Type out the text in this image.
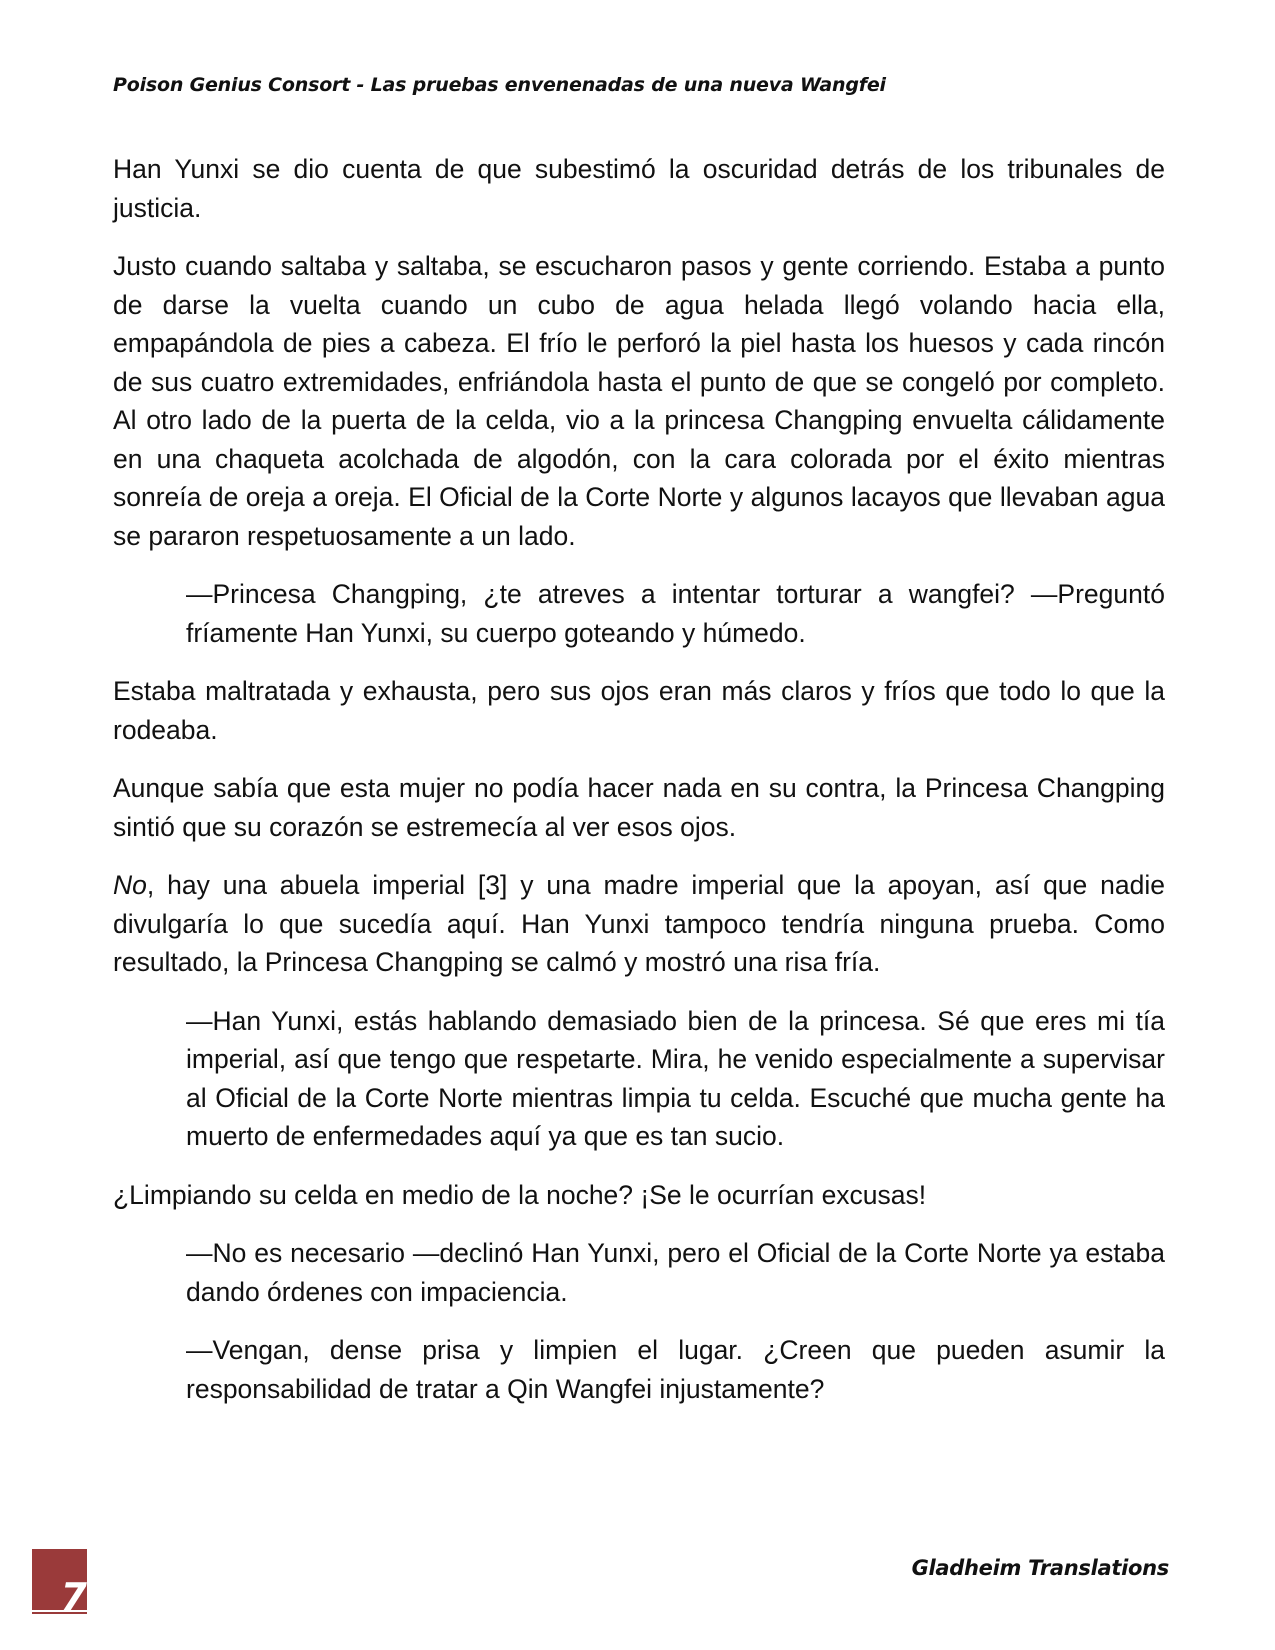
Poison Genius Consort - Las pruebas envenenadas de una nueva Wangfei

Han Yunxi se dio cuenta de que subestimó la oscuridad detrás de los tribunales de justicia.

Justo cuando saltaba y saltaba, se escucharon pasos y gente corriendo. Estaba a punto de darse la vuelta cuando un cubo de agua helada llegó volando hacia ella, empapándola de pies a cabeza. El frío le perforó la piel hasta los huesos y cada rincón de sus cuatro extremidades, enfriándola hasta el punto de que se congeló por completo. Al otro lado de la puerta de la celda, vio a la princesa Changping envuelta cálidamente en una chaqueta acolchada de algodón, con la cara colorada por el éxito mientras sonreía de oreja a oreja. El Oficial de la Corte Norte y algunos lacayos que llevaban agua se pararon respetuosamente a un lado.

—Princesa Changping, ¿te atreves a intentar torturar a wangfei? —Preguntó fríamente Han Yunxi, su cuerpo goteando y húmedo.

Estaba maltratada y exhausta, pero sus ojos eran más claros y fríos que todo lo que la rodeaba.

Aunque sabía que esta mujer no podía hacer nada en su contra, la Princesa Changping sintió que su corazón se estremecía al ver esos ojos.

No, hay una abuela imperial [3] y una madre imperial que la apoyan, así que nadie divulgaría lo que sucedía aquí. Han Yunxi tampoco tendría ninguna prueba. Como resultado, la Princesa Changping se calmó y mostró una risa fría.

—Han Yunxi, estás hablando demasiado bien de la princesa. Sé que eres mi tía imperial, así que tengo que respetarte. Mira, he venido especialmente a supervisar al Oficial de la Corte Norte mientras limpia tu celda. Escuché que mucha gente ha muerto de enfermedades aquí ya que es tan sucio.

¿Limpiando su celda en medio de la noche? ¡Se le ocurrían excusas!

—No es necesario —declinó Han Yunxi, pero el Oficial de la Corte Norte ya estaba dando órdenes con impaciencia.

—Vengan, dense prisa y limpien el lugar. ¿Creen que pueden asumir la responsabilidad de tratar a Qin Wangfei injustamente?

7
Gladheim Translations
